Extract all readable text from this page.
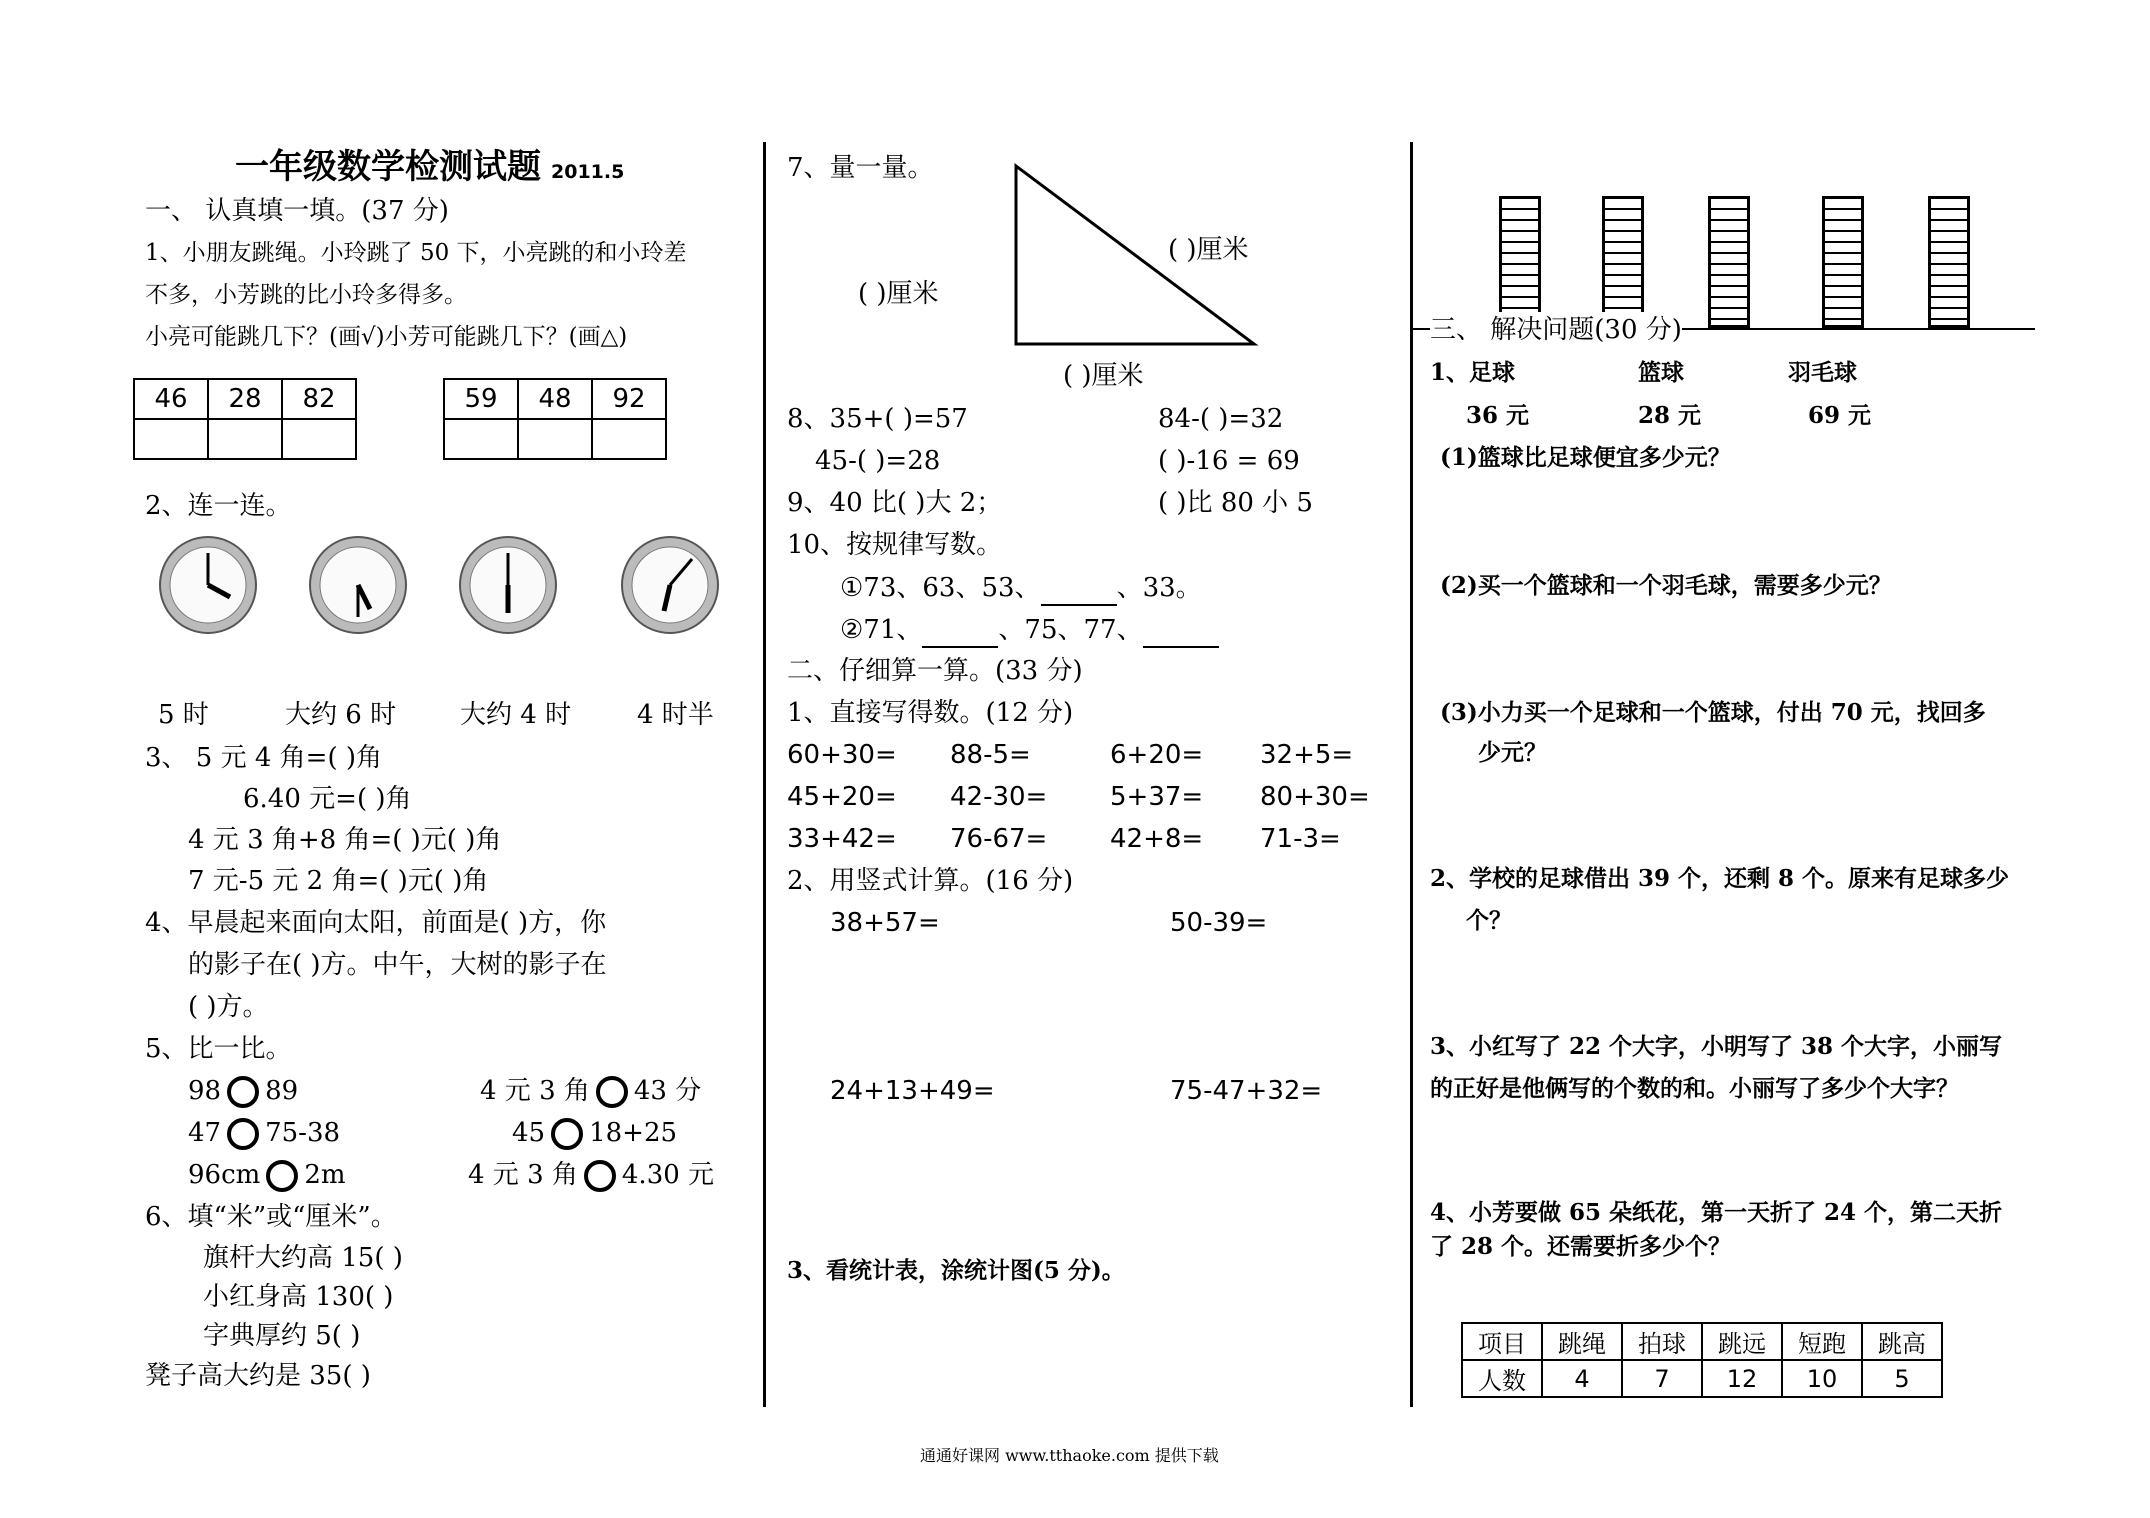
一年级数学检测试题 2011.5
一、 认真填一填。(37 分)
1、小朋友跳绳。小玲跳了 50 下，小亮跳的和小玲差
不多，小芳跳的比小玲多得多。
小亮可能跳几下？(画√)小芳可能跳几下？(画△)
46	28	82
			59	48	92

2、连一连。
5 时	大约 6 时 大约 4 时	4 时半
3、 5 元 4 角=( )角
6.40 元=( )角
4 元 3 角+8 角=( )元( )角
7 元-5 元 2 角=( )元( )角
4、早晨起来面向太阳，前面是( )方，你
的影子在( )方。中午，大树的影子在
( )方。
5、比一比。
98 89	4 元 3 角 43 分
47 75-38	45 18+25
96cm 2m	4 元 3 角 4.30 元
6、填“米”或“厘米”。
旗杆大约高 15( )
小红身高 130( )
字典厚约 5( )
凳子高大约是 35( )
7、量一量。
( )厘米
( )厘米
( )厘米
8、35+( )=57	84-( )=32
45-( )=28	( )-16 = 69
9、40 比( )大 2；	( )比 80 小 5
10、按规律写数。
①73、63、53、	、33。
②71、	、75、77、
二、仔细算一算。(33 分)
1、直接写得数。(12 分)
60+30= 88-5=	6+20= 32+5=
45+20= 42-30= 5+37= 80+30=
33+42= 76-67= 42+8= 71-3=
2、用竖式计算。(16 分)
38+57=	50-39=
24+13+49=	75-47+32=
3、看统计表，涂统计图(5 分)。
三、 解决问题(30 分)
1、足球	篮球	羽毛球
36 元	28 元	69 元
(1)篮球比足球便宜多少元？
(2)买一个篮球和一个羽毛球，需要多少元？
(3)小力买一个足球和一个篮球，付出 70 元，找回多
少元？
2、学校的足球借出 39 个，还剩 8 个。原来有足球多少
个？
3、小红写了 22 个大字，小明写了 38 个大字，小丽写
的正好是他俩写的个数的和。小丽写了多少个大字？
4、小芳要做 65 朵纸花，第一天折了 24 个，第二天折
了 28 个。还需要折多少个？
项目	跳绳	拍球	跳远	短跑	跳高
人数	4	7	12	10	5
通通好课网 www.tthaoke.com 提供下载
